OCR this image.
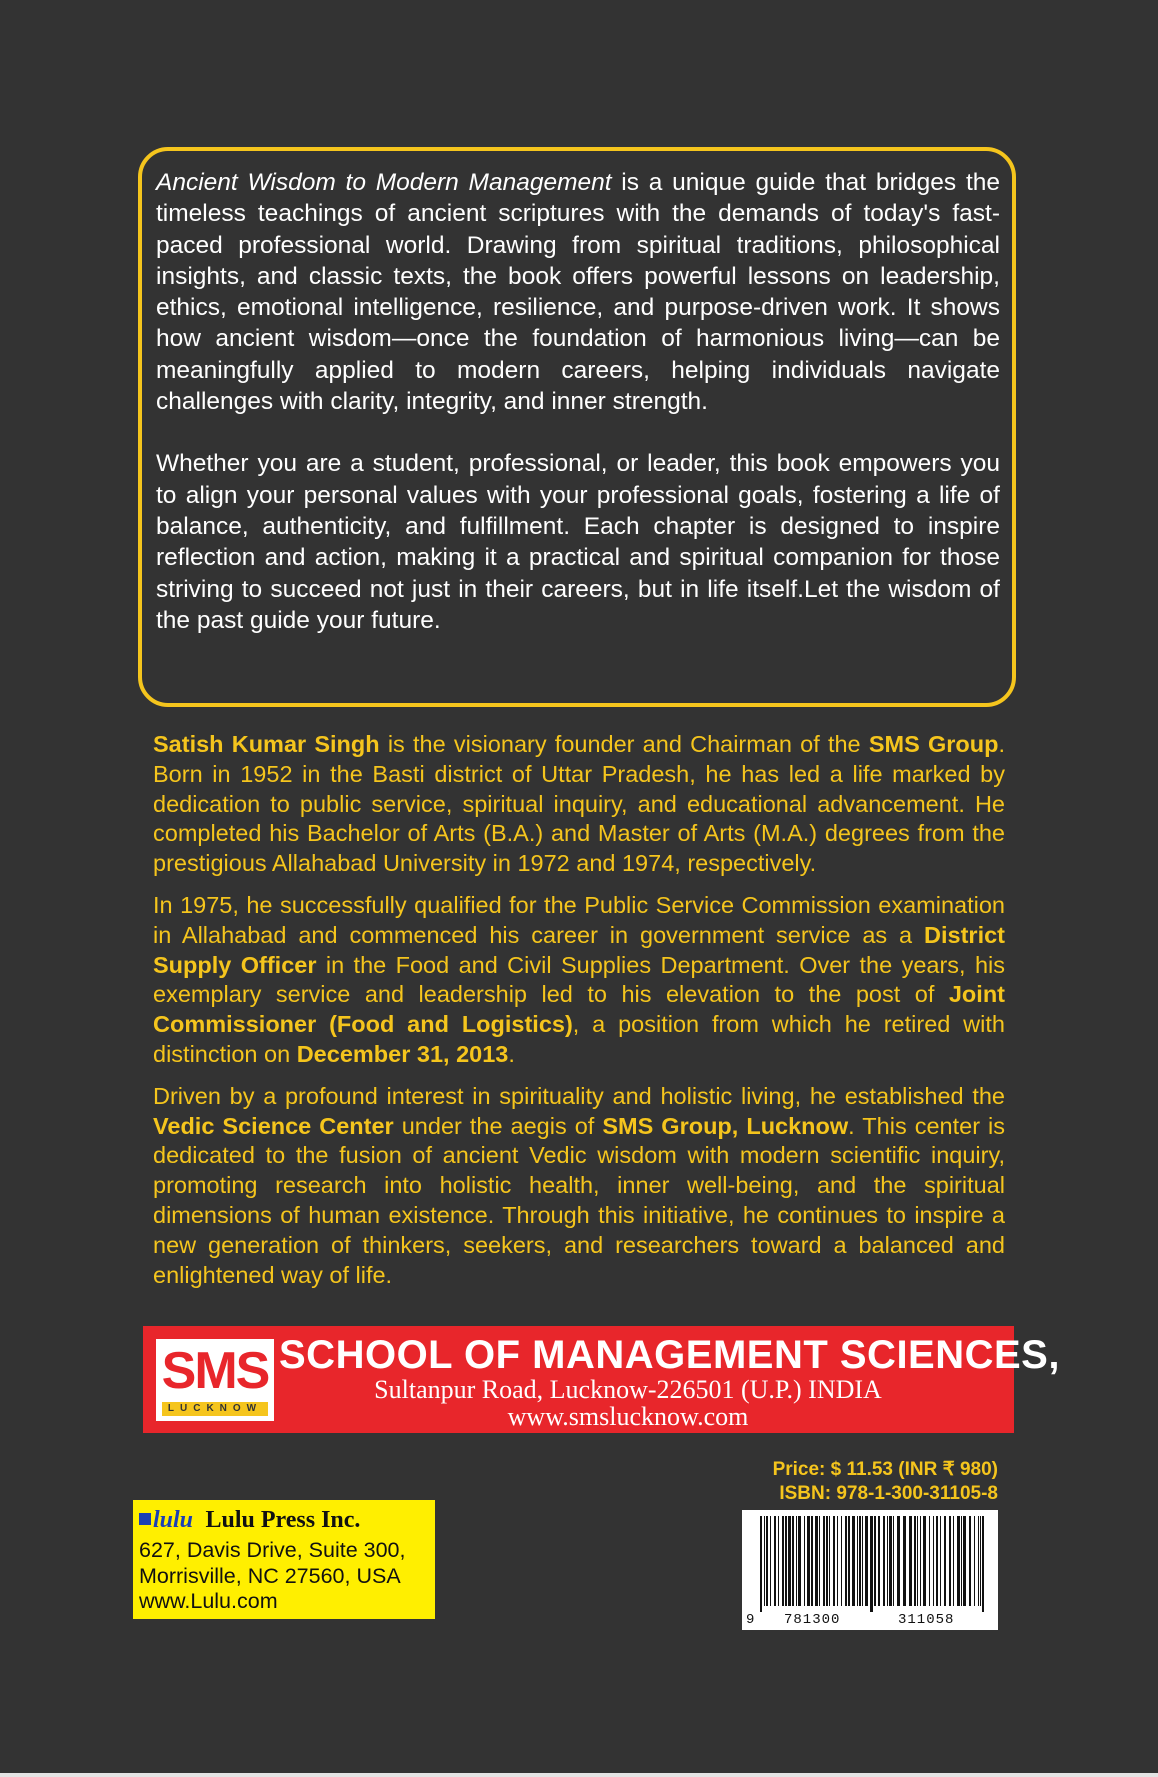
Ancient Wisdom to Modern Management is a unique guide that bridges the timeless teachings of ancient scriptures with the demands of today's fast-paced professional world. Drawing from spiritual traditions, philosophical insights, and classic texts, the book offers powerful lessons on leadership, ethics, emotional intelligence, resilience, and purpose-driven work. It shows how ancient wisdom—once the foundation of harmonious living—can be meaningfully applied to modern careers, helping individuals navigate challenges with clarity, integrity, and inner strength.

Whether you are a student, professional, or leader, this book empowers you to align your personal values with your professional goals, fostering a life of balance, authenticity, and fulfillment. Each chapter is designed to inspire reflection and action, making it a practical and spiritual companion for those striving to succeed not just in their careers, but in life itself.Let the wisdom of the past guide your future.

Satish Kumar Singh is the visionary founder and Chairman of the SMS Group. Born in 1952 in the Basti district of Uttar Pradesh, he has led a life marked by dedication to public service, spiritual inquiry, and educational advancement. He completed his Bachelor of Arts (B.A.) and Master of Arts (M.A.) degrees from the prestigious Allahabad University in 1972 and 1974, respectively.

In 1975, he successfully qualified for the Public Service Commission examination in Allahabad and commenced his career in government service as a District Supply Officer in the Food and Civil Supplies Department. Over the years, his exemplary service and leadership led to his elevation to the post of Joint Commissioner (Food and Logistics), a position from which he retired with distinction on December 31, 2013.

Driven by a profound interest in spirituality and holistic living, he established the Vedic Science Center under the aegis of SMS Group, Lucknow. This center is dedicated to the fusion of ancient Vedic wisdom with modern scientific inquiry, promoting research into holistic health, inner well-being, and the spiritual dimensions of human existence. Through this initiative, he continues to inspire a new generation of thinkers, seekers, and researchers toward a balanced and enlightened way of life.

SMS
LUCKNOW
SCHOOL OF MANAGEMENT SCIENCES,
Sultanpur Road, Lucknow-226501 (U.P.) INDIA
www.smslucknow.com
lulu Lulu Press Inc.
627, Davis Drive, Suite 300,
Morrisville, NC 27560, USA
www.Lulu.com
Price: $ 11.53 (INR ₹ 980)
ISBN: 978-1-300-31105-8
9 781300	311058
